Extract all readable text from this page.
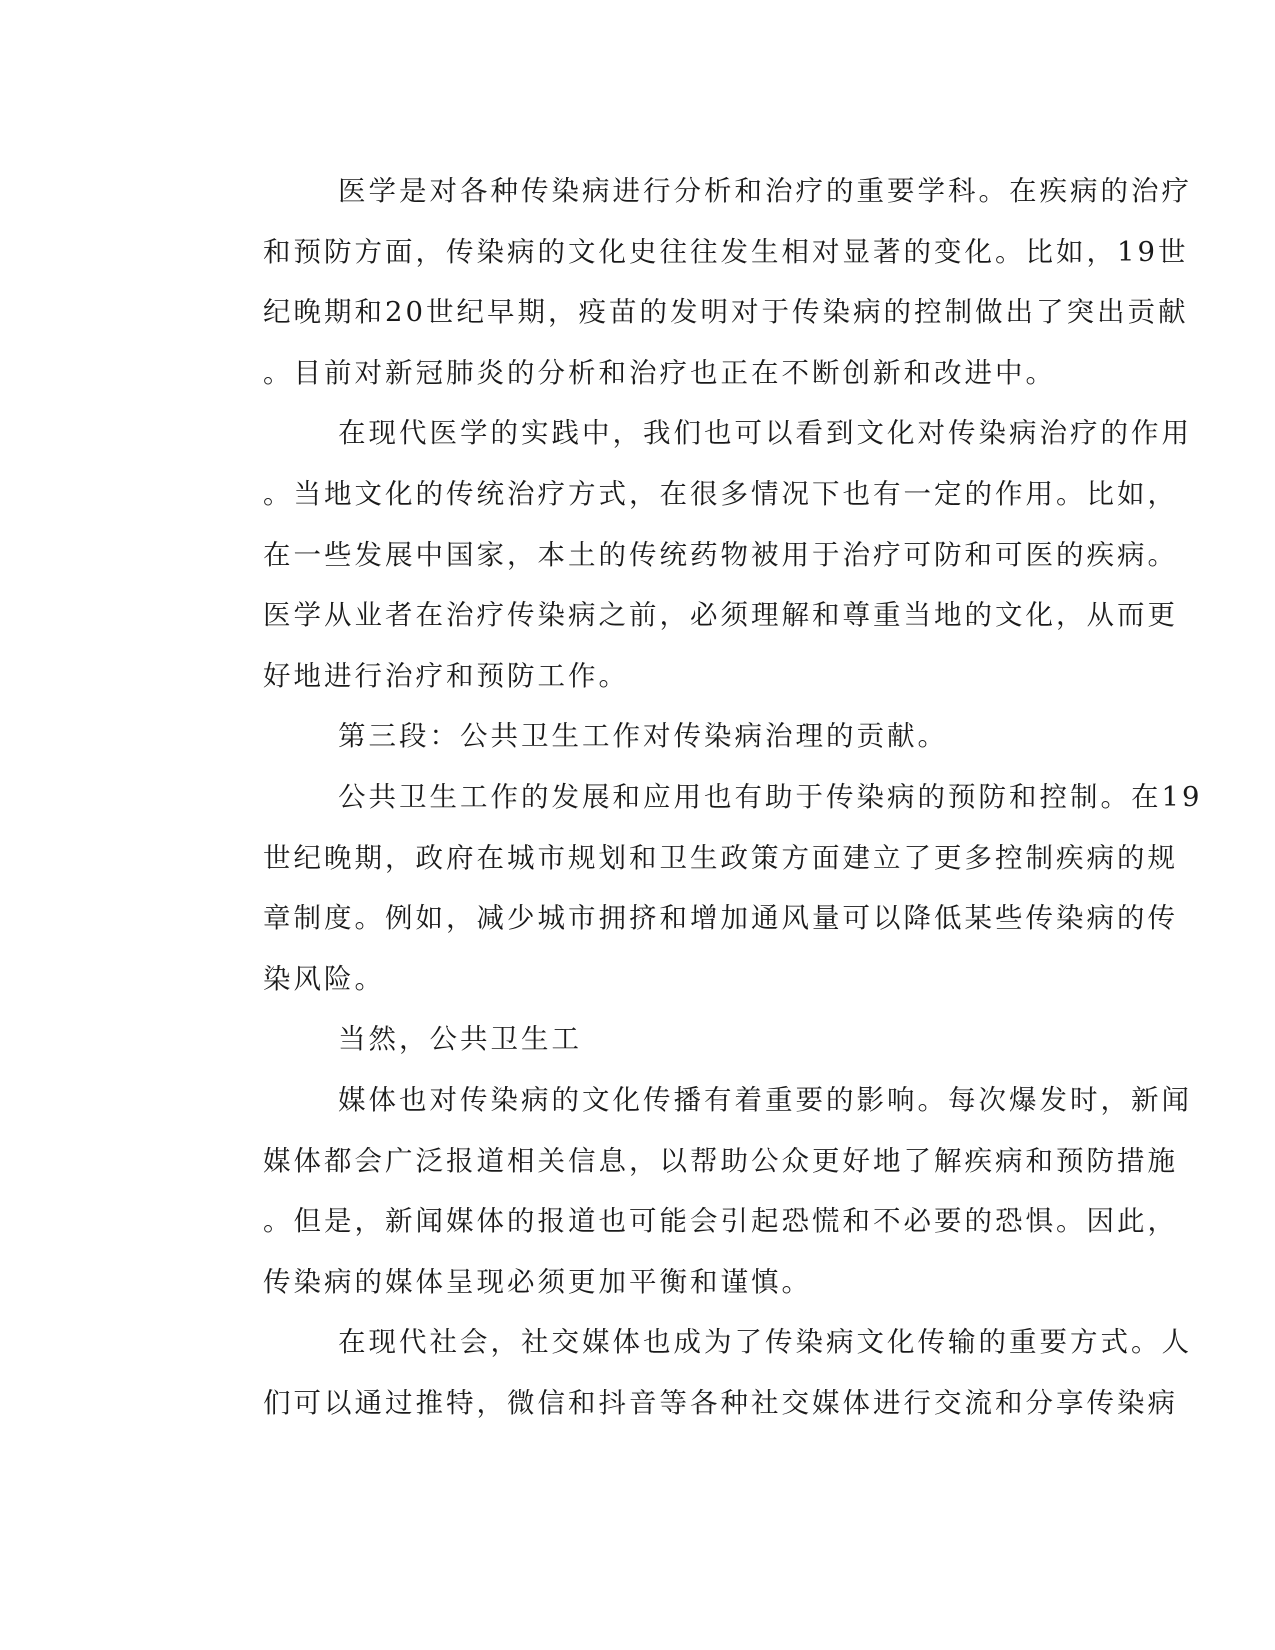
医学是对各种传染病进行分析和治疗的重要学科。在疾病的治疗
和预防方面，传染病的文化史往往发生相对显著的变化。比如，19世
纪晚期和20世纪早期，疫苗的发明对于传染病的控制做出了突出贡献
。目前对新冠肺炎的分析和治疗也正在不断创新和改进中。
在现代医学的实践中，我们也可以看到文化对传染病治疗的作用
。当地文化的传统治疗方式，在很多情况下也有一定的作用。比如，
在一些发展中国家，本土的传统药物被用于治疗可防和可医的疾病。
医学从业者在治疗传染病之前，必须理解和尊重当地的文化，从而更
好地进行治疗和预防工作。
第三段：公共卫生工作对传染病治理的贡献。
公共卫生工作的发展和应用也有助于传染病的预防和控制。在19
世纪晚期，政府在城市规划和卫生政策方面建立了更多控制疾病的规
章制度。例如，减少城市拥挤和增加通风量可以降低某些传染病的传
染风险。
当然，公共卫生工
媒体也对传染病的文化传播有着重要的影响。每次爆发时，新闻
媒体都会广泛报道相关信息，以帮助公众更好地了解疾病和预防措施
。但是，新闻媒体的报道也可能会引起恐慌和不必要的恐惧。因此，
传染病的媒体呈现必须更加平衡和谨慎。
在现代社会，社交媒体也成为了传染病文化传输的重要方式。人
们可以通过推特，微信和抖音等各种社交媒体进行交流和分享传染病
